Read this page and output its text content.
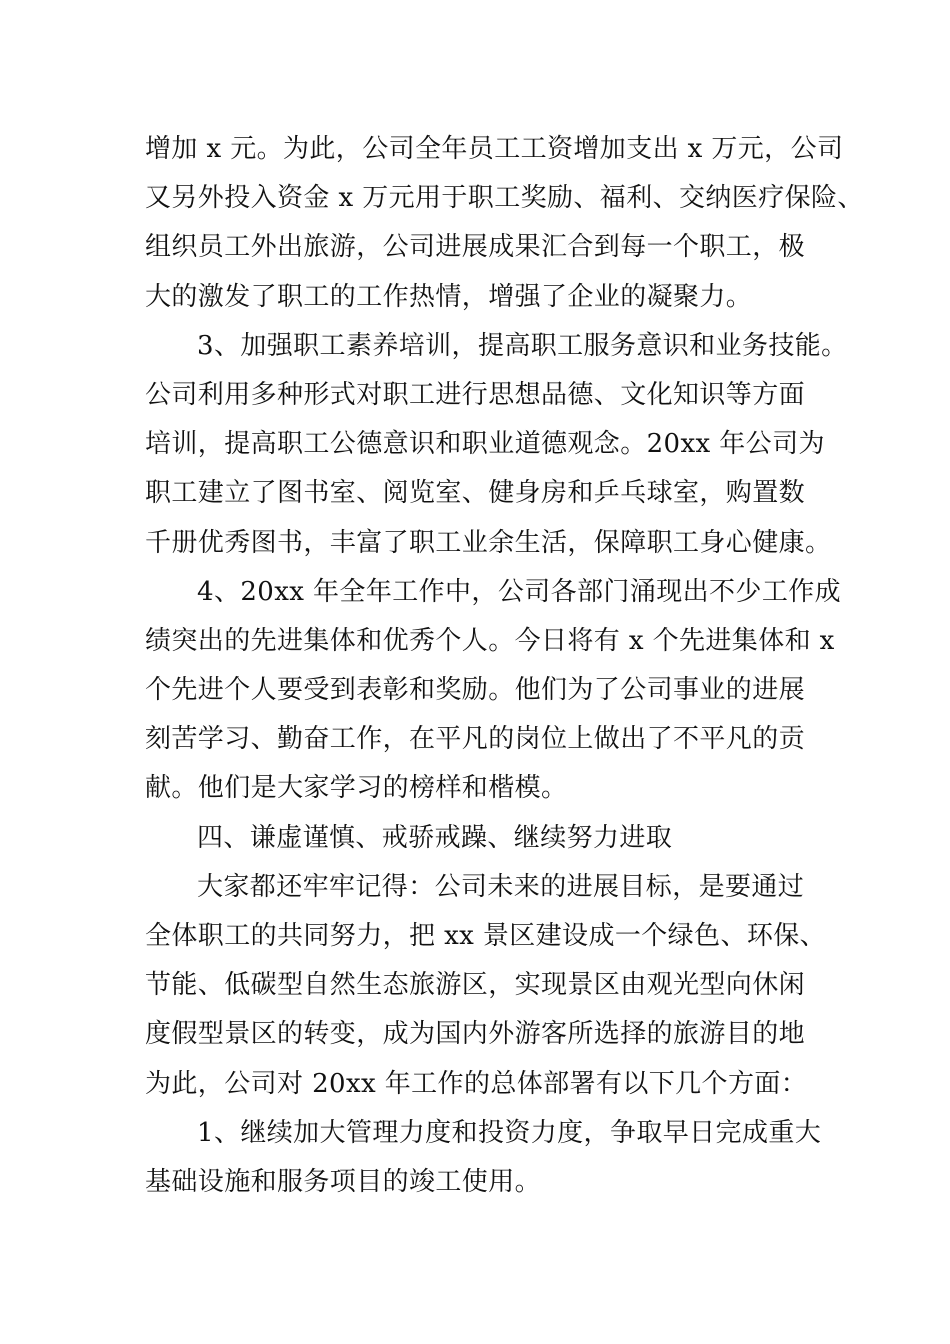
增加 x 元。为此，公司全年员工工资增加支出 x 万元，公司
又另外投入资金 x 万元用于职工奖励、福利、交纳医疗保险、
组织员工外出旅游，公司进展成果汇合到每一个职工，极
大的激发了职工的工作热情，增强了企业的凝聚力。
3、加强职工素养培训，提高职工服务意识和业务技能。
公司利用多种形式对职工进行思想品德、文化知识等方面
培训，提高职工公德意识和职业道德观念。20xx 年公司为
职工建立了图书室、阅览室、健身房和乒乓球室，购置数
千册优秀图书，丰富了职工业余生活，保障职工身心健康。
4、20xx 年全年工作中，公司各部门涌现出不少工作成
绩突出的先进集体和优秀个人。今日将有 x 个先进集体和 x
个先进个人要受到表彰和奖励。他们为了公司事业的进展
刻苦学习、勤奋工作，在平凡的岗位上做出了不平凡的贡
献。他们是大家学习的榜样和楷模。
四、谦虚谨慎、戒骄戒躁、继续努力进取
大家都还牢牢记得：公司未来的进展目标，是要通过
全体职工的共同努力，把 xx 景区建设成一个绿色、环保、
节能、低碳型自然生态旅游区，实现景区由观光型向休闲
度假型景区的转变，成为国内外游客所选择的旅游目的地
为此，公司对 20xx 年工作的总体部署有以下几个方面：
1、继续加大管理力度和投资力度，争取早日完成重大
基础设施和服务项目的竣工使用。
